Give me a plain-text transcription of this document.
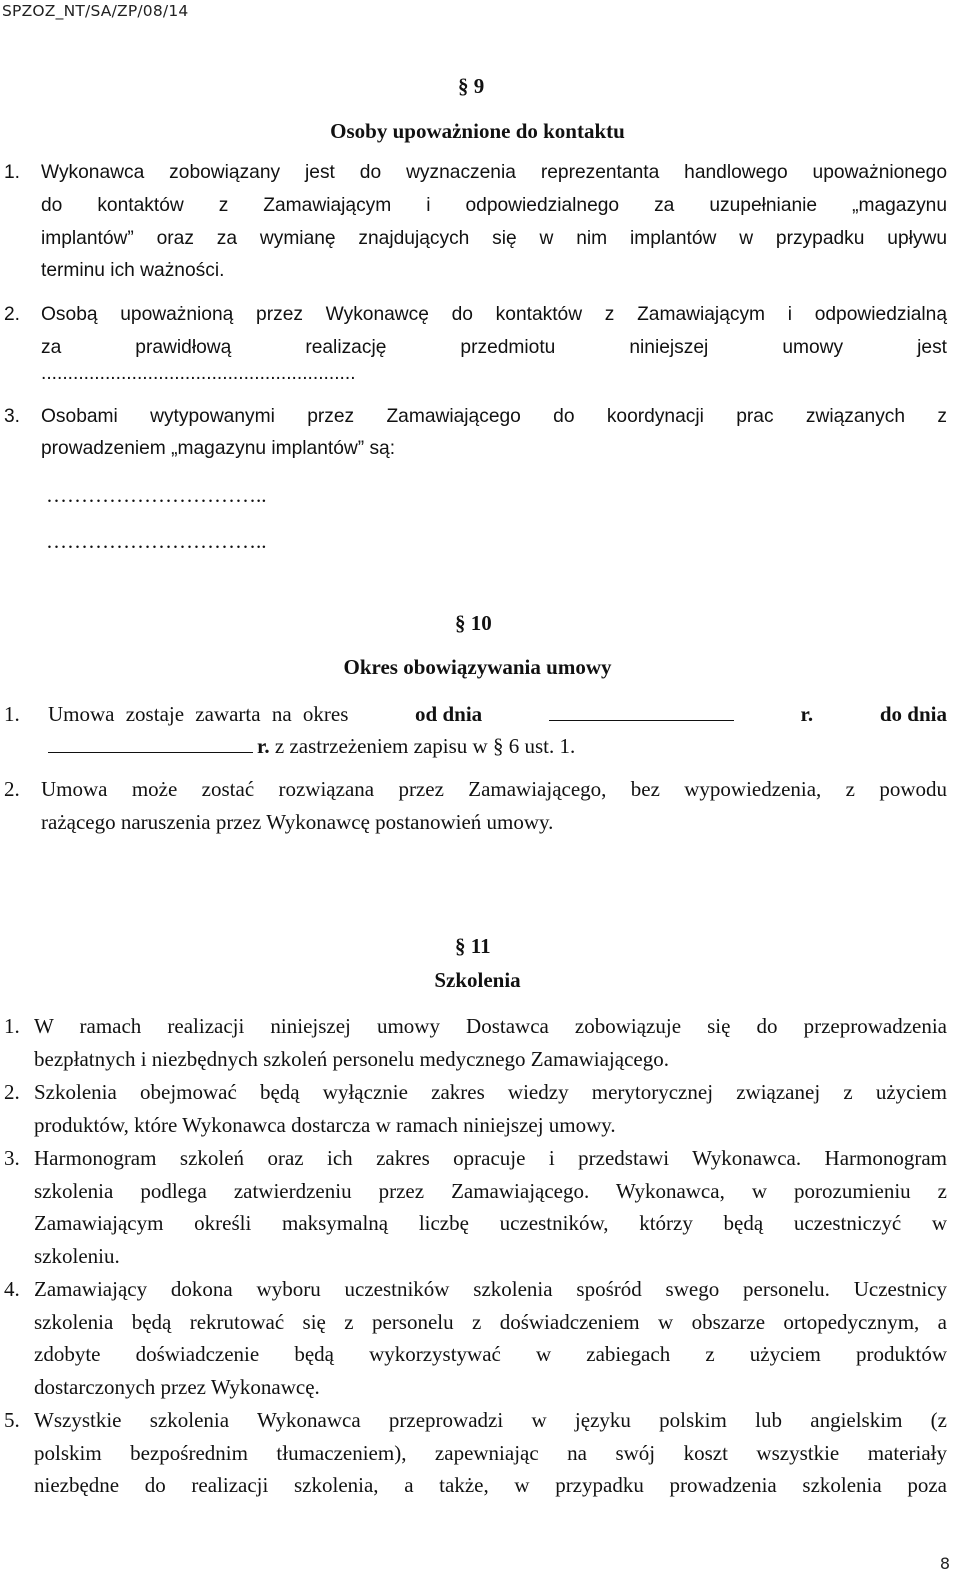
SPZOZ_NT/SA/ZP/08/14
§ 9
Osoby upoważnione do kontaktu
1. Wykonawca zobowiązany jest do wyznaczenia reprezentanta handlowego upoważnionego
do kontaktów z Zamawiającym i odpowiedzialnego za uzupełnianie „magazynu
implantów” oraz za wymianę znajdujących się w nim implantów w przypadku upływu
terminu ich ważności.
2. Osobą upoważnioną przez Wykonawcę do kontaktów z Zamawiającym i odpowiedzialną
za prawidłową realizację przedmiotu niniejszej umowy jest
...........................................................
3. Osobami wytypowanymi przez Zamawiającego do koordynacji prac związanych z
prowadzeniem „magazynu implantów” są:
…………………………..
…………………………..
§ 10
Okres obowiązywania umowy
1. Umowa zostaje zawarta na okres	od dnia	r.	do dnia
r. z zastrzeżeniem zapisu w § 6 ust. 1.
2. Umowa może zostać rozwiązana przez Zamawiającego, bez wypowiedzenia, z powodu
rażącego naruszenia przez Wykonawcę postanowień umowy.
§ 11
Szkolenia
1. W ramach realizacji niniejszej umowy Dostawca zobowiązuje się do przeprowadzenia
bezpłatnych i niezbędnych szkoleń personelu medycznego Zamawiającego.
2. Szkolenia obejmować będą wyłącznie zakres wiedzy merytorycznej związanej z użyciem
produktów, które Wykonawca dostarcza w ramach niniejszej umowy.
3. Harmonogram szkoleń oraz ich zakres opracuje i przedstawi Wykonawca. Harmonogram
szkolenia podlega zatwierdzeniu przez Zamawiającego. Wykonawca, w porozumieniu z
Zamawiającym określi maksymalną liczbę uczestników, którzy będą uczestniczyć w
szkoleniu.
4. Zamawiający dokona wyboru uczestników szkolenia spośród swego personelu. Uczestnicy
szkolenia będą rekrutować się z personelu z doświadczeniem w obszarze ortopedycznym, a
zdobyte doświadczenie będą wykorzystywać w zabiegach z użyciem produktów
dostarczonych przez Wykonawcę.
5. Wszystkie szkolenia Wykonawca przeprowadzi w języku polskim lub angielskim (z
polskim bezpośrednim tłumaczeniem), zapewniając na swój koszt wszystkie materiały
niezbędne do realizacji szkolenia, a także, w przypadku prowadzenia szkolenia poza
8
